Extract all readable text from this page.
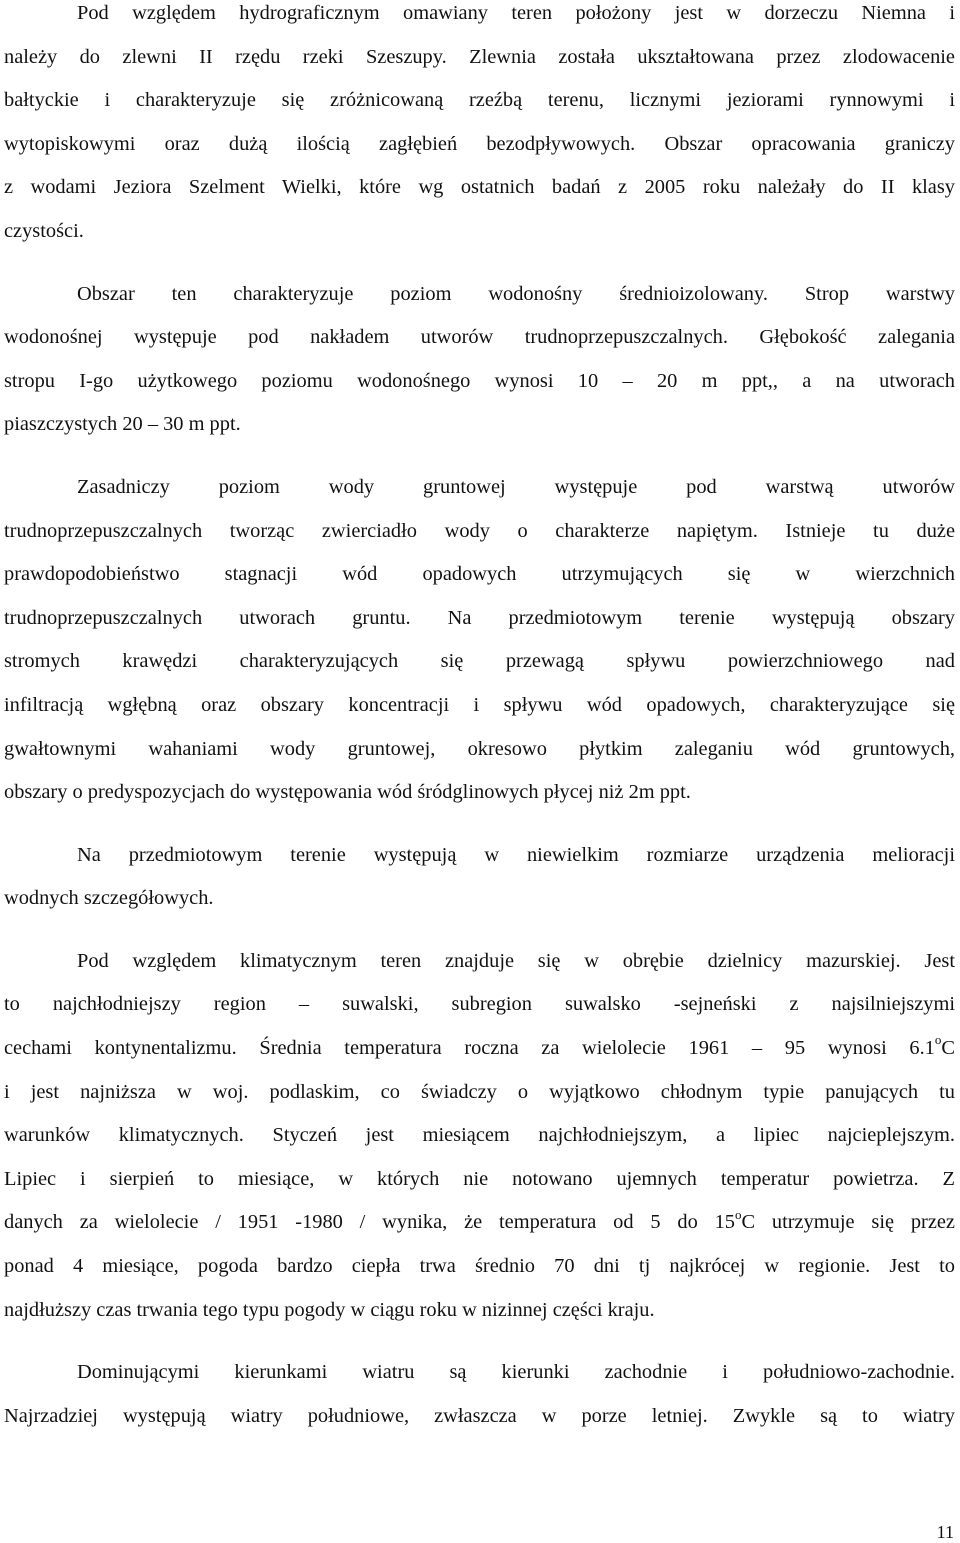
Pod względem hydrograficznym omawiany teren położony jest w dorzeczu Niemna i
należy do zlewni II rzędu rzeki Szeszupy. Zlewnia została ukształtowana przez zlodowacenie
bałtyckie i charakteryzuje się zróżnicowaną rzeźbą terenu, licznymi jeziorami rynnowymi i
wytopiskowymi oraz dużą ilością zagłębień bezodpływowych. Obszar opracowania graniczy
z wodami Jeziora Szelment Wielki, które wg ostatnich badań z 2005 roku należały do II klasy
czystości.

Obszar ten charakteryzuje poziom wodonośny średnioizolowany. Strop warstwy
wodonośnej występuje pod nakładem utworów trudnoprzepuszczalnych. Głębokość zalegania
stropu I-go użytkowego poziomu wodonośnego wynosi 10 – 20 m ppt,, a na utworach
piaszczystych 20 – 30 m ppt.

Zasadniczy poziom wody gruntowej występuje pod warstwą utworów
trudnoprzepuszczalnych tworząc zwierciadło wody o charakterze napiętym. Istnieje tu duże
prawdopodobieństwo stagnacji wód opadowych utrzymujących się w wierzchnich
trudnoprzepuszczalnych utworach gruntu. Na przedmiotowym terenie występują obszary
stromych krawędzi charakteryzujących się przewagą spływu powierzchniowego nad
infiltracją wgłębną oraz obszary koncentracji i spływu wód opadowych, charakteryzujące się
gwałtownymi wahaniami wody gruntowej, okresowo płytkim zaleganiu wód gruntowych,
obszary o predyspozycjach do występowania wód śródglinowych płycej niż 2m ppt.

Na przedmiotowym terenie występują w niewielkim rozmiarze urządzenia melioracji
wodnych szczegółowych.

Pod względem klimatycznym teren znajduje się w obrębie dzielnicy mazurskiej. Jest
to najchłodniejszy region – suwalski, subregion suwalsko -sejneński z najsilniejszymi
cechami kontynentalizmu. Średnia temperatura roczna za wielolecie 1961 – 95 wynosi 6.1$^o$C
i jest najniższa w woj. podlaskim, co świadczy o wyjątkowo chłodnym typie panujących tu
warunków klimatycznych. Styczeń jest miesiącem najchłodniejszym, a lipiec najcieplejszym.
Lipiec i sierpień to miesiące, w których nie notowano ujemnych temperatur powietrza. Z
danych za wielolecie / 1951 -1980 / wynika, że temperatura od 5 do 15$^o$C utrzymuje się przez
ponad 4 miesiące, pogoda bardzo ciepła trwa średnio 70 dni tj najkrócej w regionie. Jest to
najdłuższy czas trwania tego typu pogody w ciągu roku w nizinnej części kraju.

Dominującymi kierunkami wiatru są kierunki zachodnie i południowo-zachodnie.
Najrzadziej występują wiatry południowe, zwłaszcza w porze letniej. Zwykle są to wiatry

11
